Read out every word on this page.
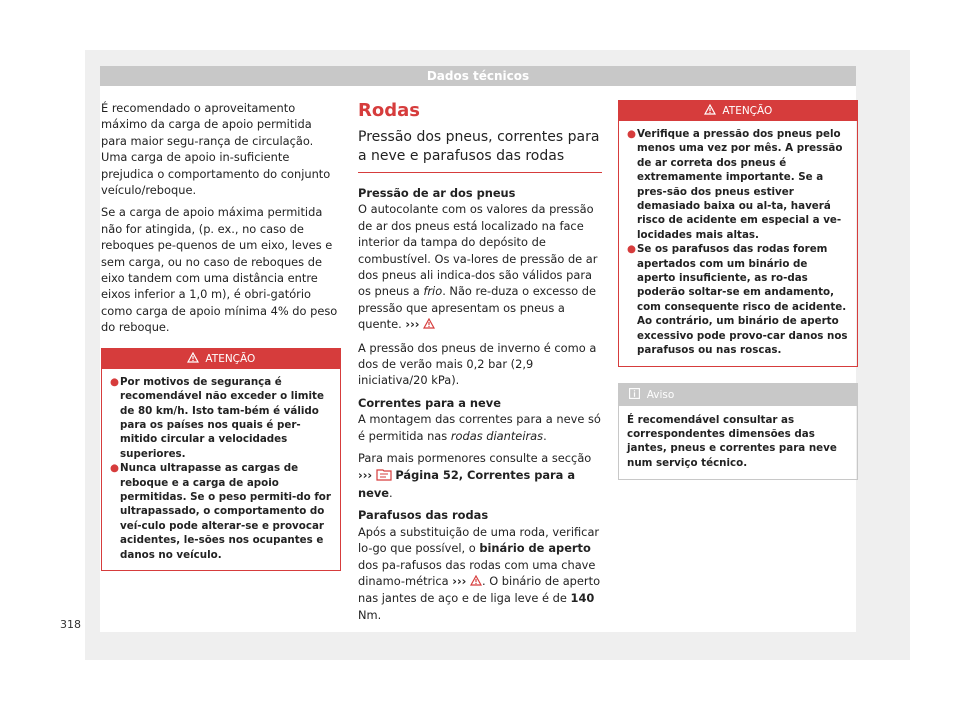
Dados técnicos

É recomendado o aproveitamento máximo da carga de apoio permitida para maior segu-rança de circulação. Uma carga de apoio in-suficiente prejudica o comportamento do conjunto veículo/reboque.

Se a carga de apoio máxima permitida não for atingida, (p. ex., no caso de reboques pe-quenos de um eixo, leves e sem carga, ou no caso de reboques de eixo tandem com uma distância entre eixos inferior a 1,0 m), é obri-gatório como carga de apoio mínima 4% do peso do reboque.

ATENÇÃO
● Por motivos de segurança é recomendável não exceder o limite de 80 km/h. Isto tam-bém é válido para os países nos quais é per-mitido circular a velocidades superiores.
● Nunca ultrapasse as cargas de reboque e a carga de apoio permitidas. Se o peso permiti-do for ultrapassado, o comportamento do veí-culo pode alterar-se e provocar acidentes, le-sões nos ocupantes e danos no veículo.
Rodas
Pressão dos pneus, correntes para a neve e parafusos das rodas

Pressão de ar dos pneus

O autocolante com os valores da pressão de ar dos pneus está localizado na face interior da tampa do depósito de combustível. Os va-lores de pressão de ar dos pneus ali indica-dos são válidos para os pneus a frio. Não re-duza o excesso de pressão que apresentam os pneus a quente. ›››

A pressão dos pneus de inverno é como a dos de verão mais 0,2 bar (2,9 iniciativa/20 kPa).

Correntes para a neve

A montagem das correntes para a neve só é permitida nas rodas dianteiras.

Para mais pormenores consulte a secção
››› Página 52, Correntes para a neve.

Parafusos das rodas

Após a substituição de uma roda, verificar lo-go que possível, o binário de aperto dos pa-rafusos das rodas com uma chave dinamo-métrica ››› . O binário de aperto nas jantes de aço e de liga leve é de 140 Nm.

ATENÇÃO
● Verifique a pressão dos pneus pelo menos uma vez por mês. A pressão de ar correta dos pneus é extremamente importante. Se a pres-são dos pneus estiver demasiado baixa ou al-ta, haverá risco de acidente em especial a ve-locidades mais altas.
● Se os parafusos das rodas forem apertados com um binário de aperto insuficiente, as ro-das poderão soltar-se em andamento, com consequente risco de acidente. Ao contrário, um binário de aperto excessivo pode provo-car danos nos parafusos ou nas roscas.
Aviso
É recomendável consultar as correspondentes dimensões das jantes, pneus e correntes para neve num serviço técnico.
318
